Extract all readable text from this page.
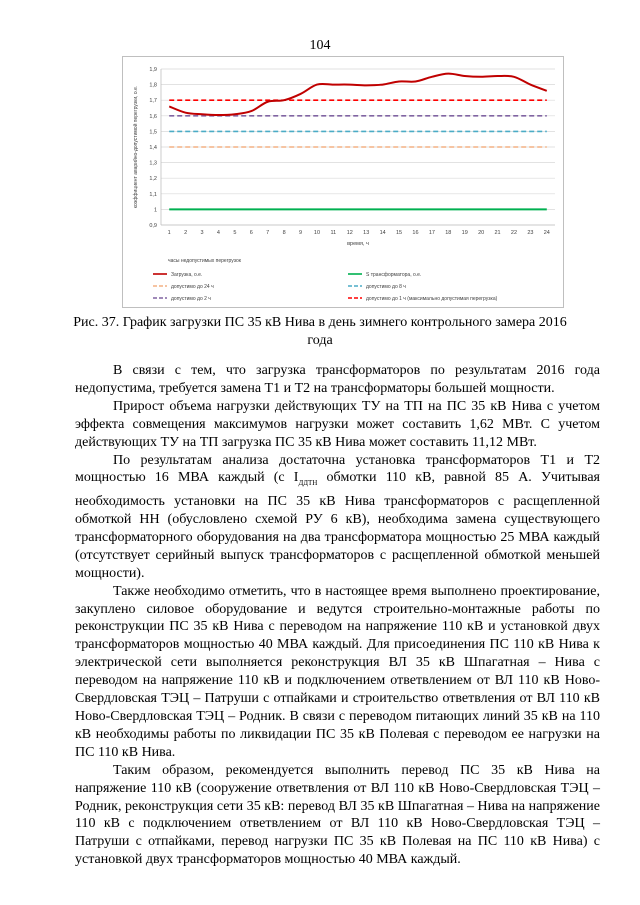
104
0,9
1
1,1
1,2
1,3
1,4
1,5
1,6
1,7
1,8
1,9
1 2 3 4 5 6 7 8 9 10 11 12 13 14 15 16 17 18 19 20 21 22 23 24
время, ч
коэффициент аварийно-допустимой перегрузки, о.е.
часы недопустимых перегрузок
Загрузка, о.е.	S трансформатора, о.е.
допустимо до 24 ч	допустимо до 8 ч
допустимо до 2 ч	допустимо до 1 ч (максимально допустимая перегрузка)
Рис. 37. График загрузки ПС 35 кВ Нива в день зимнего контрольного замера 2016 года

В связи с тем, что загрузка трансформаторов по результатам 2016 года недопустима, требуется замена Т1 и Т2 на трансформаторы большей мощности.

Прирост объема нагрузки действующих ТУ на ТП на ПС 35 кВ Нива с учетом эффекта совмещения максимумов нагрузки может составить 1,62 МВт. С учетом действующих ТУ на ТП загрузка ПС 35 кВ Нива может составить 11,12 МВт.

По результатам анализа достаточна установка трансформаторов Т1 и Т2 мощностью 16 МВА каждый (с $I_{ДДТН}$ обмотки 110 кВ, равной 85 А. Учитывая необходимость установки на ПС 35 кВ Нива трансформаторов с расщепленной обмоткой НН (обусловлено схемой РУ 6 кВ), необходима замена существующего трансформаторного оборудования на два трансформатора мощностью 25 МВА каждый (отсутствует серийный выпуск трансформаторов с расщепленной обмоткой меньшей мощности).

Также необходимо отметить, что в настоящее время выполнено проектирование, закуплено силовое оборудование и ведутся строительно-монтажные работы по реконструкции ПС 35 кВ Нива с переводом на напряжение 110 кВ и установкой двух трансформаторов мощностью 40 МВА каждый. Для присоединения ПС 110 кВ Нива к электрической сети выполняется реконструкция ВЛ 35 кВ Шпагатная – Нива с переводом на напряжение 110 кВ и подключением ответвлением от ВЛ 110 кВ Ново-Свердловская ТЭЦ – Патруши с отпайками и строительство ответвления от ВЛ 110 кВ Ново-Свердловская ТЭЦ – Родник. В связи с переводом питающих линий 35 кВ на 110 кВ необходимы работы по ликвидации ПС 35 кВ Полевая с переводом ее нагрузки на ПС 110 кВ Нива.

Таким образом, рекомендуется выполнить перевод ПС 35 кВ Нива на напряжение 110 кВ (сооружение ответвления от ВЛ 110 кВ Ново-Свердловская ТЭЦ – Родник, реконструкция сети 35 кВ: перевод ВЛ 35 кВ Шпагатная – Нива на напряжение 110 кВ с подключением ответвлением от ВЛ 110 кВ Ново-Свердловская ТЭЦ – Патруши с отпайками, перевод нагрузки ПС 35 кВ Полевая на ПС 110 кВ Нива) с установкой двух трансформаторов мощностью 40 МВА каждый.
